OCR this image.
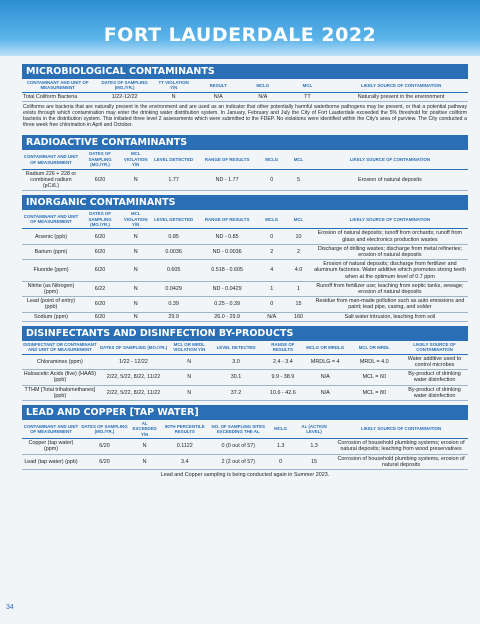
FORT LAUDERDALE 2022
MICROBIOLOGICAL CONTAMINANTS
CONTAMINANT AND UNIT OF MEASUREMENT	DATES OF SAMPLING (MO./YR.)	TT VIOLATION Y/N	RESULT	MCLG	MCL	LIKELY SOURCE OF CONTAMINATION
Total Coliform Bacteria	1/22-12/22	N	N/A	N/A	TT	Naturally present in the environment
Coliforms are bacteria that are naturally present in the environment and are used as an indicator that other potentially harmful waterborne pathogens may be present, or that a potential pathway exists through which contamination may enter the drinking water distribution system. In January, February and July the City of Fort Lauderdale exceeded the 5% threshold for positive coliform bacteria in the distribution system. This initiated three level 2 assessments which were submitted to the FDEP. No violations were identified within the City's area of purview. The City conducted a three week free chlorination in April and October.
RADIOACTIVE CONTAMINANTS
CONTAMINANT AND UNIT OF MEASUREMENT	DATES OF SAMPLING (MO./YR.)	MCL VIOLATION Y/N	LEVEL DETECTED	RANGE OF RESULTS	MCLG	MCL	LIKELY SOURCE OF CONTAMINATION
Radium 226 + 228 or combined radium (pCi/L)	6/20	N	1.77	ND - 1.77	0	5	Erosion of natural deposits
INORGANIC CONTAMINANTS
CONTAMINANT AND UNIT OF MEASUREMENT	DATES OF SAMPLING (MO./YR.)	MCL VIOLATION Y/N	LEVEL DETECTED	RANGE OF RESULTS	MCLG	MCL	LIKELY SOURCE OF CONTAMINATION
Arsenic (ppb)	6/20	N	0.85	ND - 0.85	0	10	Erosion of natural deposits; runoff from orchards; runoff from glass and electronics production wastes
Barium (ppm)	6/20	N	0.0036	ND - 0.0036	2	2	Discharge of drilling wastes; discharge from metal refineries; erosion of natural deposits
Fluoride (ppm)	6/20	N	0.605	0.518 - 0.605	4	4.0	Erosion of natural deposits; discharge from fertilizer and aluminum factories. Water additive which promotes strong teeth when at the optimum level of 0.7 ppm
Nitrite (as Nitrogen) (ppm)	6/22	N	0.0429	ND - 0.0429	1	1	Runoff from fertilizer use; leaching from septic tanks, sewage; erosion of natural deposits
Lead (point of entry) (ppb)	6/20	N	0.39	0.25 - 0.39	0	15	Residue from man-made pollution such as auto emissions and paint; lead pipe, casing, and solder
Sodium (ppm)	6/20	N	29.9	26.0 - 29.9	N/A	160	Salt water intrusion, leaching from soil
DISINFECTANTS AND DISINFECTION BY-PRODUCTS
DISINFECTANT OR CONTAMINANT AND UNIT OF MEASUREMENT	DATES OF SAMPLING (MO./YR.)	MCL OR MRDL VIOLATION Y/N	LEVEL DETECTED	RANGE OF RESULTS	MCLG OR MRDLG	MCL OR MRDL	LIKELY SOURCE OF CONTAMINATION
Chloramines (ppm)	1/22 - 12/22	N	3.0	2.4 - 3.4	MRDLG = 4	MRDL = 4.0	Water additive used to control microbes
Haloacetic Acids (five) (HAA5) (ppb)	2/22, 5/22, 8/22, 11/22	N	30.1	9.9 - 38.9	N/A	MCL = 60	By-product of drinking water disinfection
TTHM [Total trihalomethanes] (ppb)	2/22, 5/22, 8/22, 11/22	N	37.2	10.6 - 42.6	N/A	MCL = 80	By-product of drinking water disinfection
LEAD AND COPPER [TAP WATER]
CONTAMINANT AND UNIT OF MEASUREMENT	DATES OF SAMPLING (MO./YR.)	AL EXCEEDED Y/N	90TH PERCENTILE RESULTS	NO. OF SAMPLING SITES EXCEEDING THE AL	MCLG	AL (ACTION LEVEL)	LIKELY SOURCE OF CONTAMINATION
Copper (tap water) (ppm)	6/20	N	0.1122	0 (0 out of 57)	1.3	1.3	Corrosion of household plumbing systems; erosion of natural deposits; leaching from wood preservatives
Lead (tap water) (ppb)	6/20	N	3.4	2 (2 out of 57)	0	15	Corrosion of household plumbing systems, erosion of natural deposits
Lead and Copper sampling is being conducted again in Summer 2023.
34
